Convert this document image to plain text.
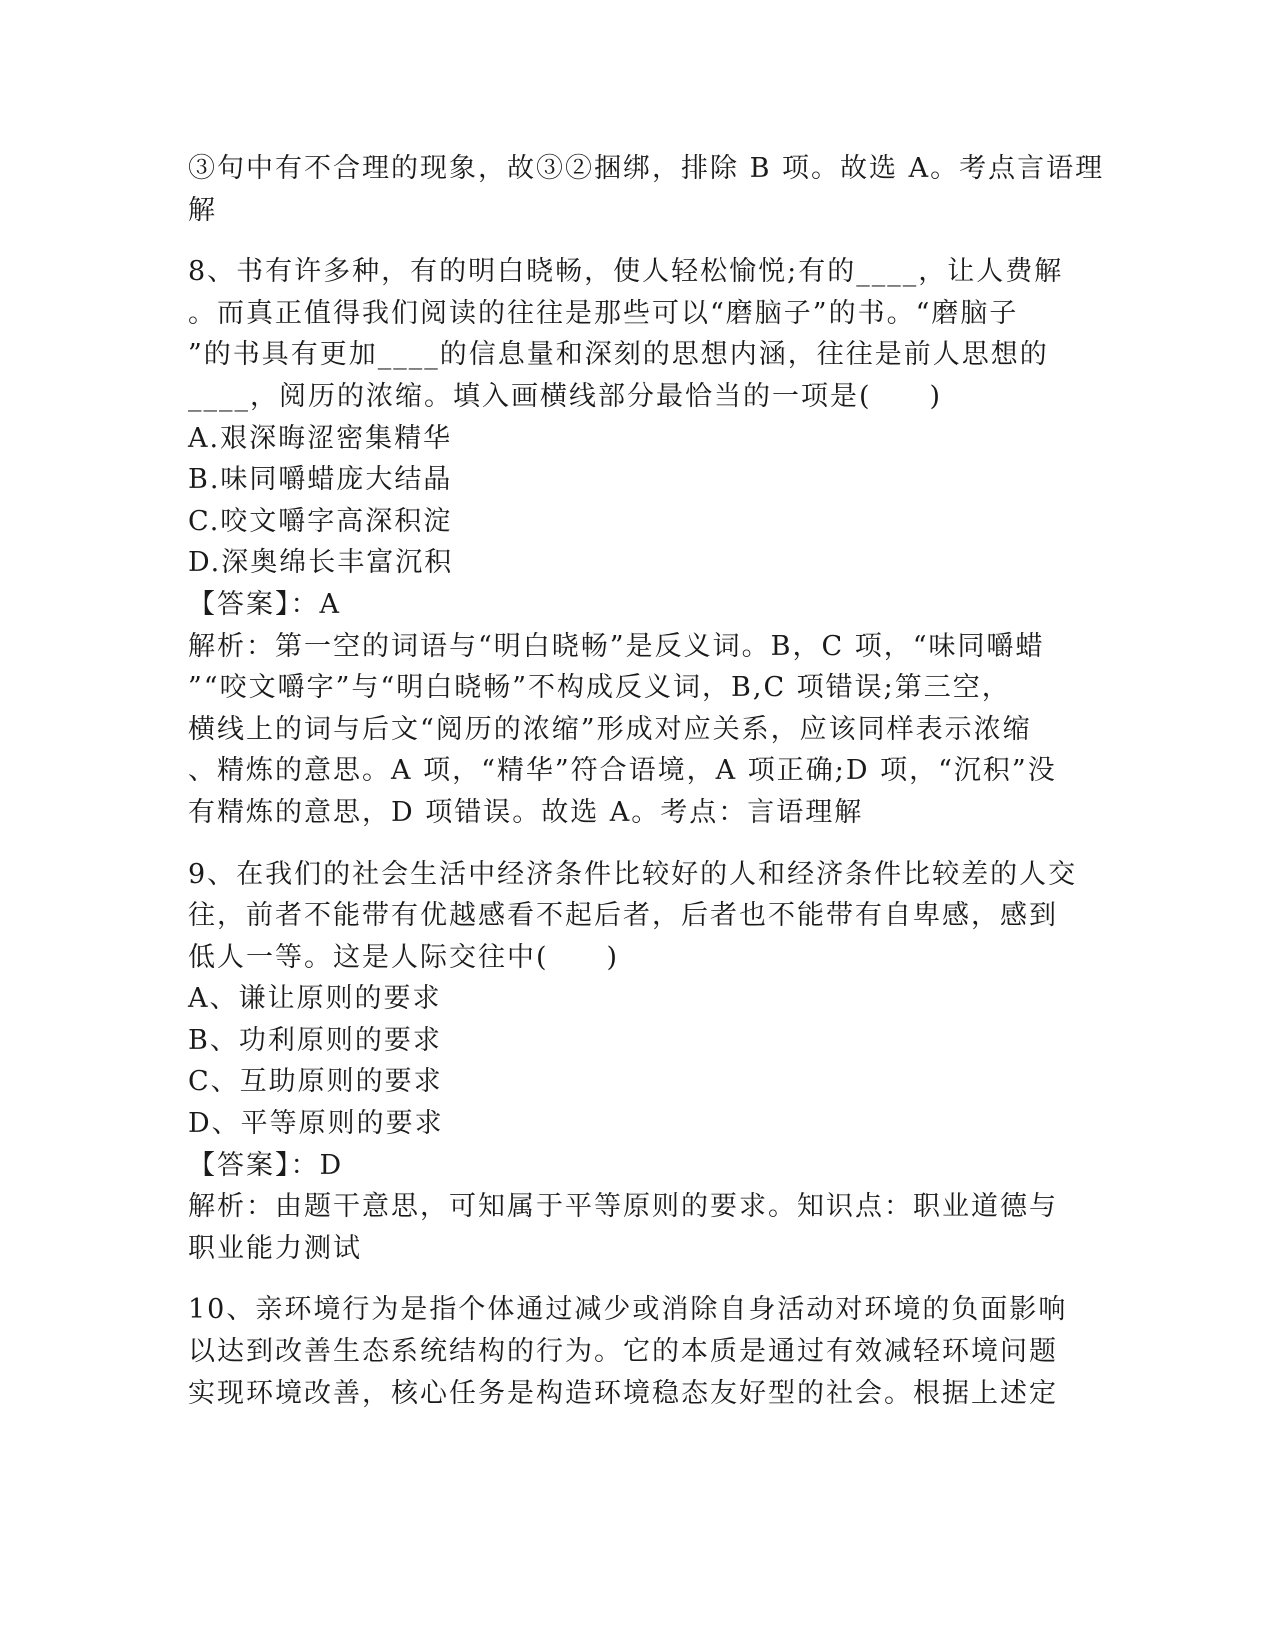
③句中有不合理的现象，故③②捆绑，排除 B 项。故选 A。考点言语理
解
8、书有许多种，有的明白晓畅，使人轻松愉悦;有的____，让人费解
。而真正值得我们阅读的往往是那些可以“磨脑子”的书。“磨脑子
”的书具有更加____的信息量和深刻的思想内涵，往往是前人思想的
____，阅历的浓缩。填入画横线部分最恰当的一项是(　　)
A.艰深晦涩密集精华
B.味同嚼蜡庞大结晶
C.咬文嚼字高深积淀
D.深奥绵长丰富沉积
【答案】：A
解析：第一空的词语与“明白晓畅”是反义词。B，C 项，“味同嚼蜡
”“咬文嚼字”与“明白晓畅”不构成反义词，B,C 项错误;第三空，
横线上的词与后文“阅历的浓缩”形成对应关系，应该同样表示浓缩
、精炼的意思。A 项，“精华”符合语境，A 项正确;D 项，“沉积”没
有精炼的意思，D 项错误。故选 A。考点：言语理解
9、在我们的社会生活中经济条件比较好的人和经济条件比较差的人交
往，前者不能带有优越感看不起后者，后者也不能带有自卑感，感到
低人一等。这是人际交往中(　　)
A、谦让原则的要求
B、功利原则的要求
C、互助原则的要求
D、平等原则的要求
【答案】：D
解析：由题干意思，可知属于平等原则的要求。知识点：职业道德与
职业能力测试
10、亲环境行为是指个体通过减少或消除自身活动对环境的负面影响
以达到改善生态系统结构的行为。它的本质是通过有效减轻环境问题
实现环境改善，核心任务是构造环境稳态友好型的社会。根据上述定
